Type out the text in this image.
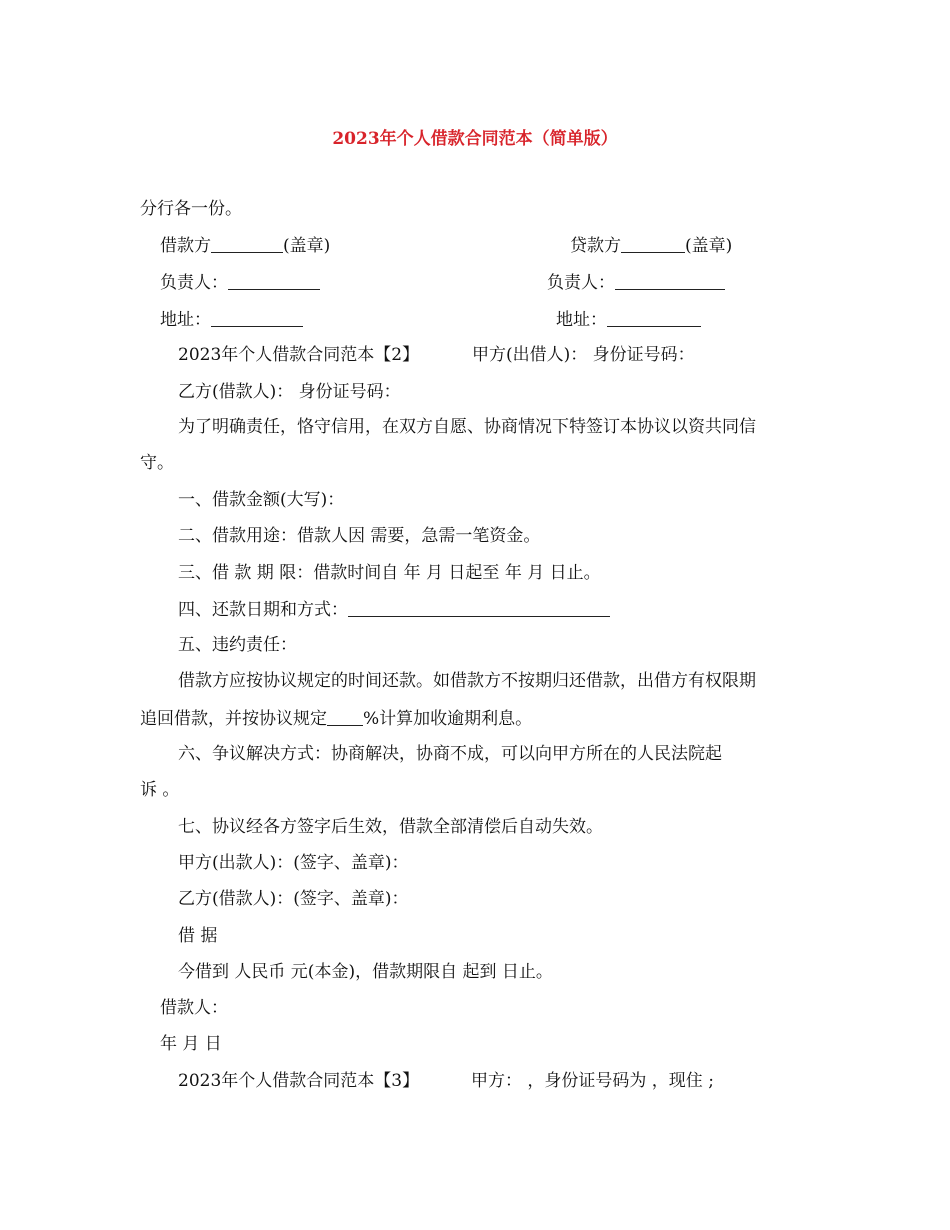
2023年个人借款合同范本（简单版）
分行各一份。
借款方	(盖章)	贷款方	(盖章)
负责人：	负责人：
地址：	地址：
2023年个人借款合同范本【2】	甲方(出借人)： 身份证号码：
乙方(借款人)： 身份证号码：
为了明确责任，恪守信用，在双方自愿、协商情况下特签订本协议以资共同信
守。
一、借款金额(大写)：
二、借款用途：借款人因 需要，急需一笔资金。
三、借 款 期 限：借款时间自 年 月 日起至 年 月 日止。
四、还款日期和方式：
五、违约责任：
借款方应按协议规定的时间还款。如借款方不按期归还借款，出借方有权限期
追回借款，并按协议规定 %计算加收逾期利息。
六、争议解决方式：协商解决，协商不成，可以向甲方所在的人民法院起
诉 。
七、协议经各方签字后生效，借款全部清偿后自动失效。
甲方(出款人)：(签字、盖章)：
乙方(借款人)：(签字、盖章)：
借 据
今借到 人民币 元(本金)，借款期限自 起到 日止。
借款人：
年 月 日
2023年个人借款合同范本【3】	甲方： ，身份证号码为 ，现住 ;
